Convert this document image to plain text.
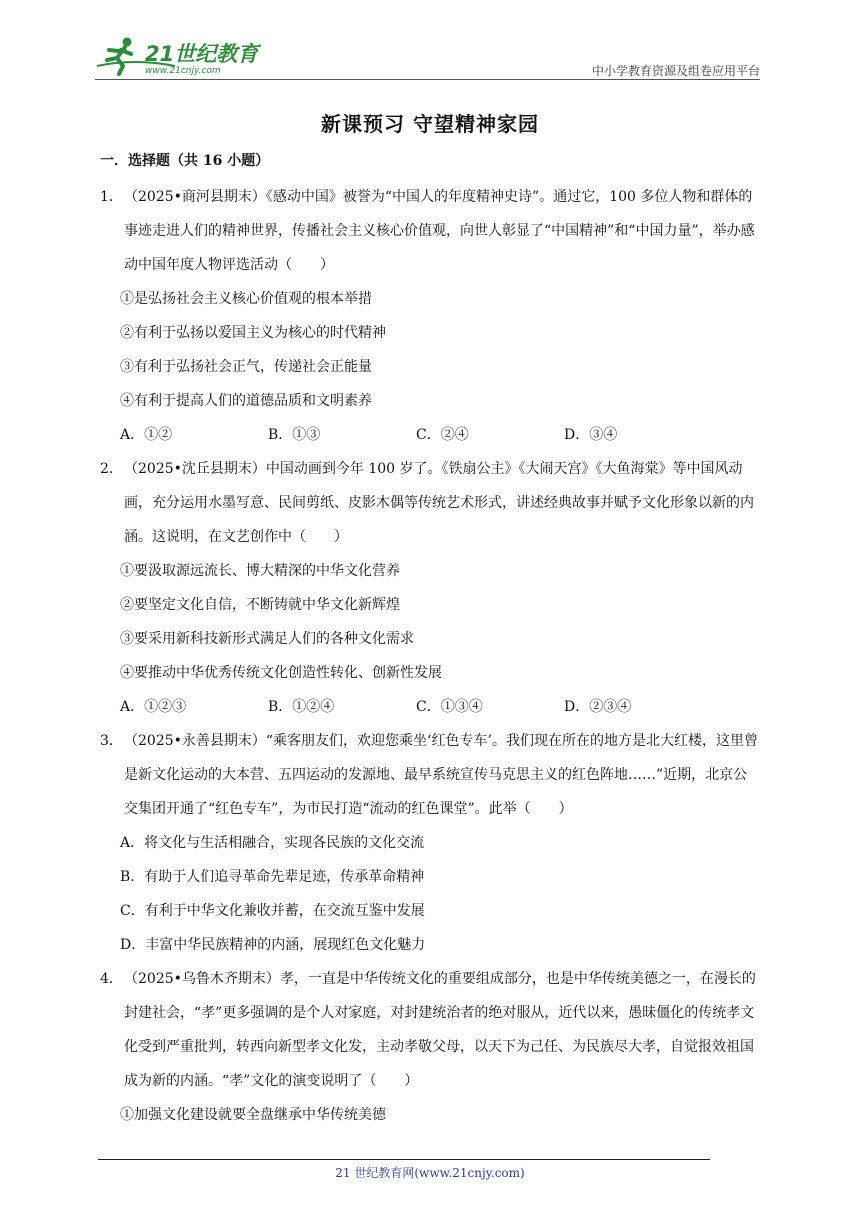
21世纪教育
www.21cnjy.com	中小学教育资源及组卷应用平台
新课预习 守望精神家园
一．选择题（共 16 小题）
1．（2025•商河县期末）《感动中国》被誉为“中国人的年度精神史诗”。通过它，100 多位人物和群体的事迹走进人们的精神世界，传播社会主义核心价值观，向世人彰显了“中国精神”和“中国力量”，举办感动中国年度人物评选活动（　　）
①是弘扬社会主义核心价值观的根本举措
②有利于弘扬以爱国主义为核心的时代精神
③有利于弘扬社会正气，传递社会正能量
④有利于提高人们的道德品质和文明素养
A．①②	B．①③	C．②④	D．③④
2．（2025•沈丘县期末）中国动画到今年 100 岁了。《铁扇公主》《大闹天宫》《大鱼海棠》等中国风动画，充分运用水墨写意、民间剪纸、皮影木偶等传统艺术形式，讲述经典故事并赋予文化形象以新的内涵。这说明，在文艺创作中（　　）
①要汲取源远流长、博大精深的中华文化营养
②要坚定文化自信，不断铸就中华文化新辉煌
③要采用新科技新形式满足人们的各种文化需求
④要推动中华优秀传统文化创造性转化、创新性发展
A．①②③	B．①②④	C．①③④	D．②③④
3．（2025•永善县期末）“乘客朋友们，欢迎您乘坐‘红色专车’。我们现在所在的地方是北大红楼，这里曾是新文化运动的大本营、五四运动的发源地、最早系统宣传马克思主义的红色阵地……”近期，北京公交集团开通了“红色专车”，为市民打造“流动的红色课堂”。此举（　　）
A．将文化与生活相融合，实现各民族的文化交流
B．有助于人们追寻革命先辈足迹，传承革命精神
C．有利于中华文化兼收并蓄，在交流互鉴中发展
D．丰富中华民族精神的内涵，展现红色文化魅力
4．（2025•乌鲁木齐期末）孝，一直是中华传统文化的重要组成部分，也是中华传统美德之一，在漫长的封建社会，“孝”更多强调的是个人对家庭，对封建统治者的绝对服从，近代以来，愚昧僵化的传统孝文化受到严重批判，转西向新型孝文化发，主动孝敬父母，以天下为己任、为民族尽大孝，自觉报效祖国成为新的内涵。“孝”文化的演变说明了（　　）
①加强文化建设就要全盘继承中华传统美德
21 世纪教育网(www.21cnjy.com)
